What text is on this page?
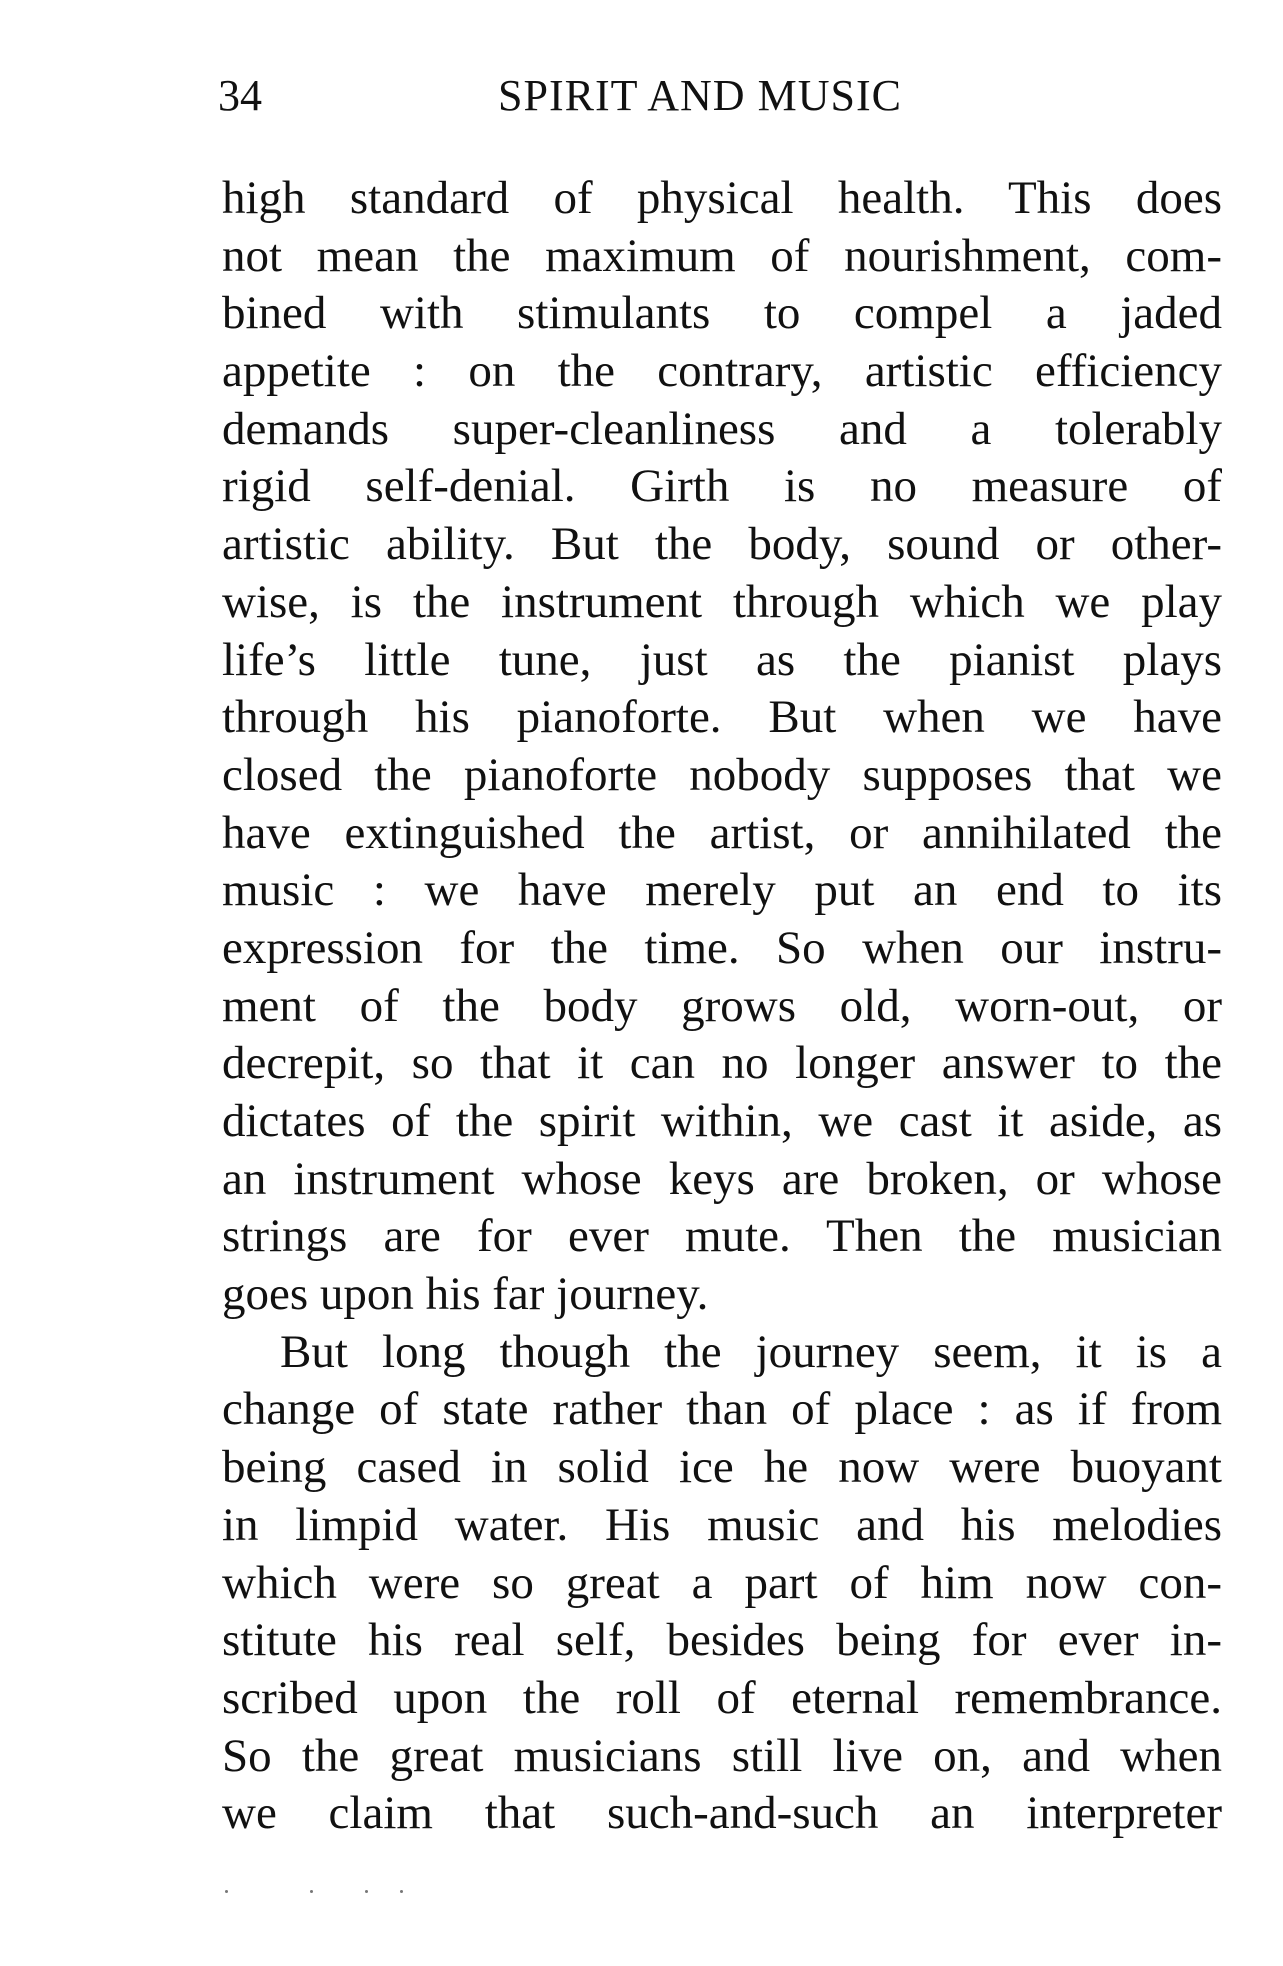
34	SPIRIT AND MUSIC
high standard of physical health. This does
not mean the maximum of nourishment, com-
bined with stimulants to compel a jaded
appetite : on the contrary, artistic efficiency
demands super-cleanliness and a tolerably
rigid self-denial. Girth is no measure of
artistic ability. But the body, sound or other-
wise, is the instrument through which we play
life’s little tune, just as the pianist plays
through his pianoforte. But when we have
closed the pianoforte nobody supposes that we
have extinguished the artist, or annihilated the
music : we have merely put an end to its
expression for the time. So when our instru-
ment of the body grows old, worn-out, or
decrepit, so that it can no longer answer to the
dictates of the spirit within, we cast it aside, as
an instrument whose keys are broken, or whose
strings are for ever mute. Then the musician
goes upon his far journey.
But long though the journey seem, it is a
change of state rather than of place : as if from
being cased in solid ice he now were buoyant
in limpid water. His music and his melodies
which were so great a part of him now con-
stitute his real self, besides being for ever in-
scribed upon the roll of eternal remembrance.
So the great musicians still live on, and when
we claim that such-and-such an interpreter
